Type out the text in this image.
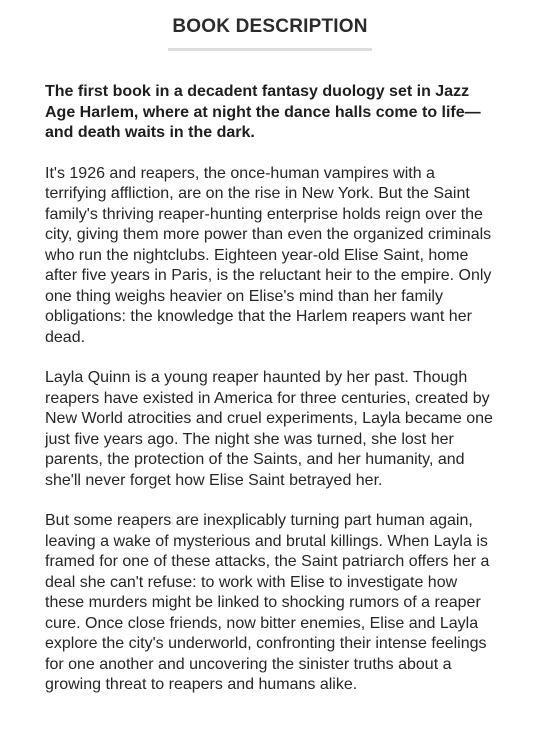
BOOK DESCRIPTION

The first book in a decadent fantasy duology set in Jazz Age Harlem, where at night the dance halls come to life—and death waits in the dark.

It's 1926 and reapers, the once-human vampires with a terrifying affliction, are on the rise in New York. But the Saint family's thriving reaper-hunting enterprise holds reign over the city, giving them more power than even the organized criminals who run the nightclubs. Eighteen year-old Elise Saint, home after five years in Paris, is the reluctant heir to the empire. Only one thing weighs heavier on Elise's mind than her family obligations: the knowledge that the Harlem reapers want her dead.

Layla Quinn is a young reaper haunted by her past. Though reapers have existed in America for three centuries, created by New World atrocities and cruel experiments, Layla became one just five years ago. The night she was turned, she lost her parents, the protection of the Saints, and her humanity, and she'll never forget how Elise Saint betrayed her.

But some reapers are inexplicably turning part human again, leaving a wake of mysterious and brutal killings. When Layla is framed for one of these attacks, the Saint patriarch offers her a deal she can't refuse: to work with Elise to investigate how these murders might be linked to shocking rumors of a reaper cure. Once close friends, now bitter enemies, Elise and Layla explore the city's underworld, confronting their intense feelings for one another and uncovering the sinister truths about a growing threat to reapers and humans alike.
